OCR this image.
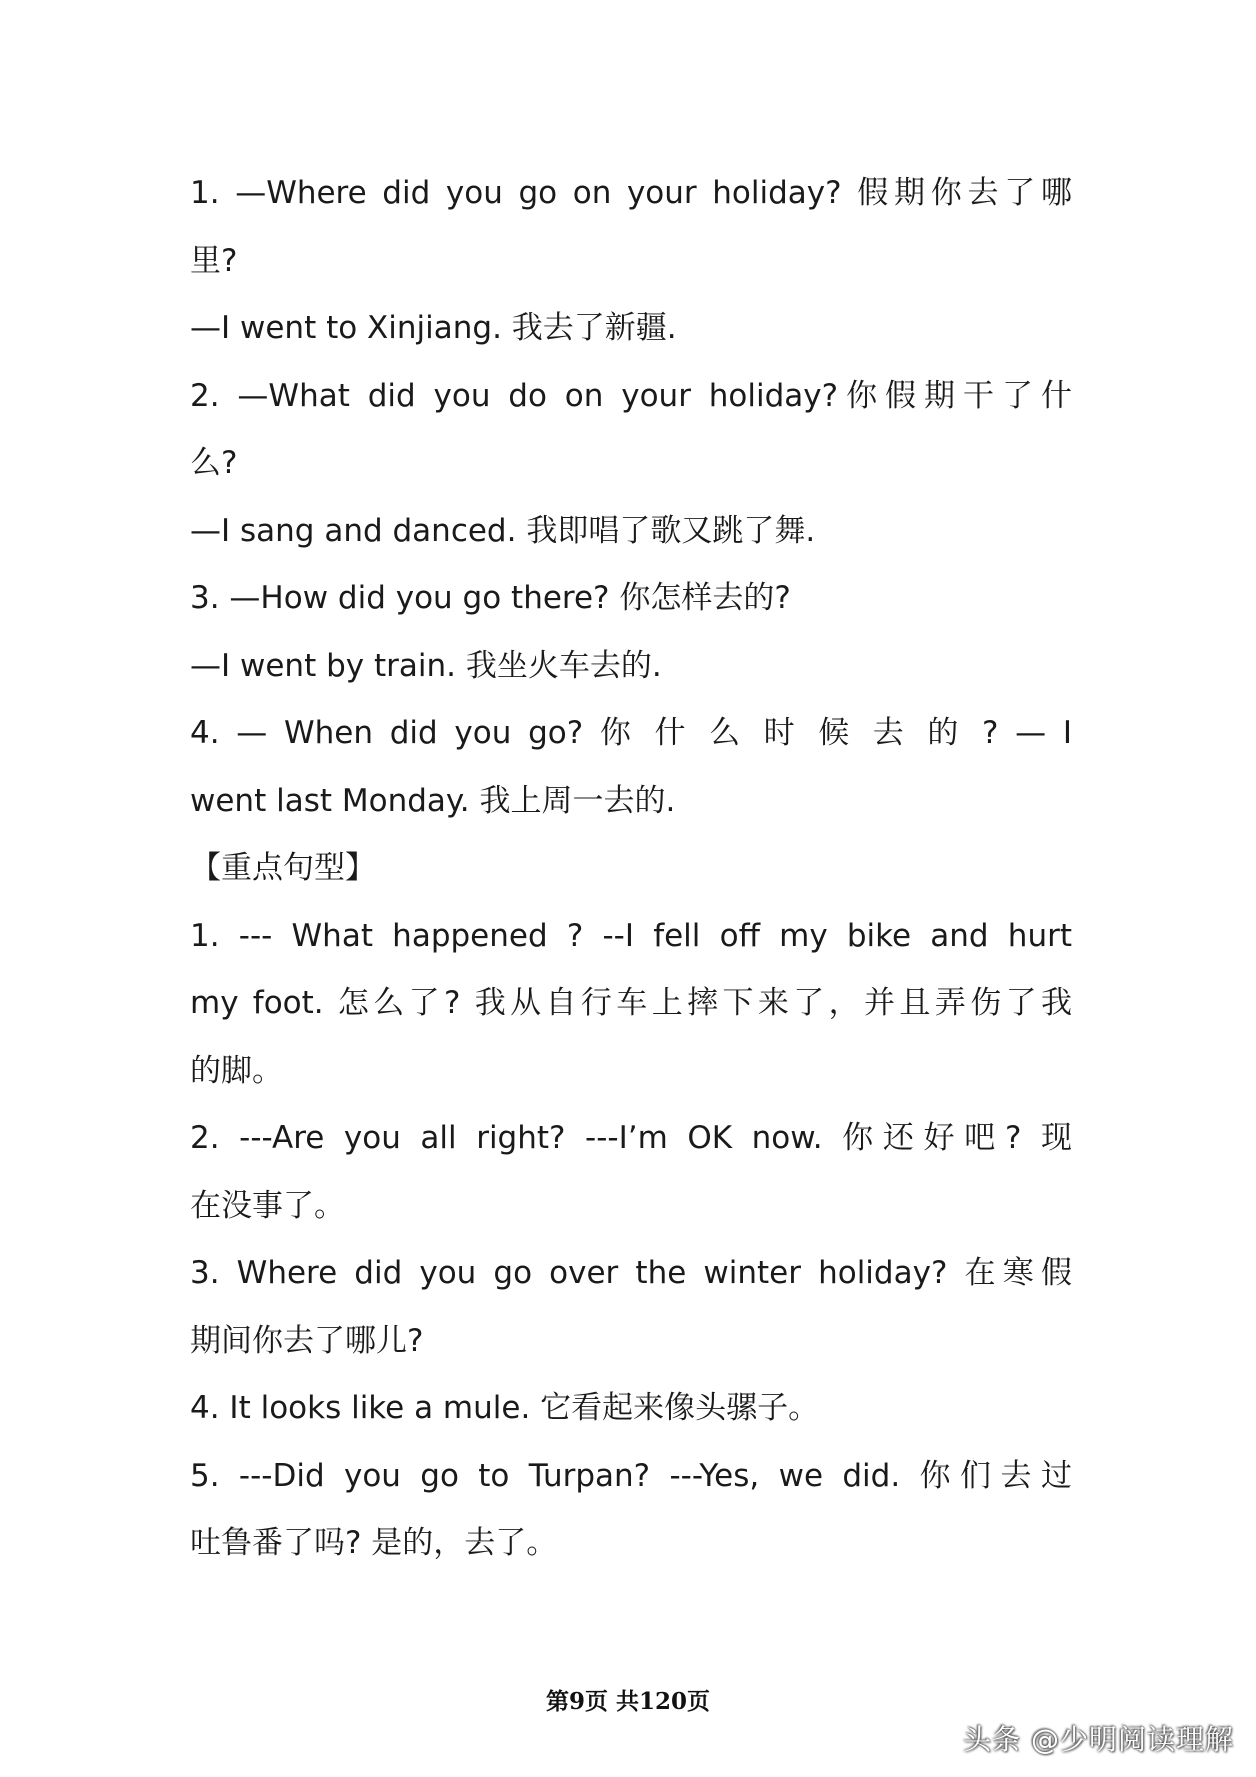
1. —Where did you go on your holiday? 假期你去了哪
里?
—I went to Xinjiang. 我去了新疆.
2. —What did you do on your holiday?你假期干了什
么?
—I sang and danced. 我即唱了歌又跳了舞.
3. —How did you go there? 你怎样去的?
—I went by train. 我坐火车去的.
4. — When did you go? 你 什 么 时 候 去 的 ? — I
went last Monday. 我上周一去的.
【重点句型】
1. --- What happened ? --I fell off my bike and hurt
my foot. 怎么了? 我从自行车上摔下来了，并且弄伤了我
的脚。
2. ---Are you all right? ---I’m OK now. 你还好吧? 现
在没事了。
3. Where did you go over the winter holiday? 在寒假
期间你去了哪儿?
4. It looks like a mule. 它看起来像头骡子。
5. ---Did you go to Turpan? ---Yes, we did. 你们去过
吐鲁番了吗? 是的，去了。
第9页 共120页
头条 @少明阅读理解
